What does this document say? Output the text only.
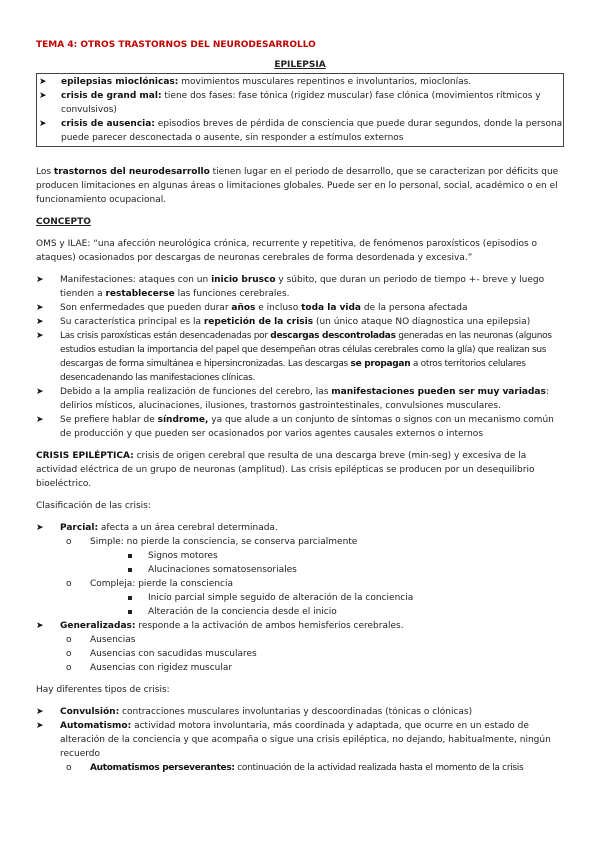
TEMA 4: OTROS TRASTORNOS DEL NEURODESARROLLO
EPILEPSIA
➤ epilepsias mioclónicas: movimientos musculares repentinos e involuntarios, mioclonías.
➤ crisis de grand mal: tiene dos fases: fase tónica (rigidez muscular) fase clónica (movimientos rítmicos y convulsivos)
➤ crisis de ausencia: episodios breves de pérdida de consciencia que puede durar segundos, donde la persona puede parecer desconectada o ausente, sin responder a estímulos externos

Los trastornos del neurodesarrollo tienen lugar en el periodo de desarrollo, que se caracterizan por déficits que producen limitaciones en algunas áreas o limitaciones globales. Puede ser en lo personal, social, académico o en el funcionamiento ocupacional.

CONCEPTO

OMS y ILAE: “una afección neurológica crónica, recurrente y repetitiva, de fenómenos paroxísticos (episodios o ataques) ocasionados por descargas de neuronas cerebrales de forma desordenada y excesiva.”

➤ Manifestaciones: ataques con un inicio brusco y súbito, que duran un periodo de tiempo +- breve y luego tienden a restablecerse las funciones cerebrales.
➤ Son enfermedades que pueden durar años e incluso toda la vida de la persona afectada
➤ Su característica principal es la repetición de la crisis (un único ataque NO diagnostica una epilepsia)
➤ Las crisis paroxísticas están desencadenadas por descargas descontroladas generadas en las neuronas (algunos estudios estudian la importancia del papel que desempeñan otras células cerebrales como la glía) que realizan sus descargas de forma simultánea e hipersincronizadas. Las descargas se propagan a otros territorios celulares desencadenando las manifestaciones clínicas.
➤ Debido a la amplia realización de funciones del cerebro, las manifestaciones pueden ser muy variadas: delirios místicos, alucinaciones, ilusiones, trastornos gastrointestinales, convulsiones musculares.
➤ Se prefiere hablar de síndrome, ya que alude a un conjunto de síntomas o signos con un mecanismo común de producción y que pueden ser ocasionados por varios agentes causales externos o internos

CRISIS EPILÉPTICA: crisis de origen cerebral que resulta de una descarga breve (min-seg) y excesiva de la actividad eléctrica de un grupo de neuronas (amplitud). Las crisis epilépticas se producen por un desequilibrio bioeléctrico.

Clasificación de las crisis:

➤ Parcial: afecta a un área cerebral determinada.
o Simple: no pierde la consciencia, se conserva parcialmente
Signos motores
Alucinaciones somatosensoriales
o Compleja: pierde la consciencia
Inicio parcial simple seguido de alteración de la conciencia
Alteración de la conciencia desde el inicio
➤ Generalizadas: responde a la activación de ambos hemisferios cerebrales.
o Ausencias
o Ausencias con sacudidas musculares
o Ausencias con rigidez muscular

Hay diferentes tipos de crisis:

➤ Convulsión: contracciones musculares involuntarias y descoordinadas (tónicas o clónicas)
➤ Automatismo: actividad motora involuntaria, más coordinada y adaptada, que ocurre en un estado de alteración de la conciencia y que acompaña o sigue una crisis epiléptica, no dejando, habitualmente, ningún recuerdo
o Automatismos perseverantes: continuación de la actividad realizada hasta el momento de la crisis
